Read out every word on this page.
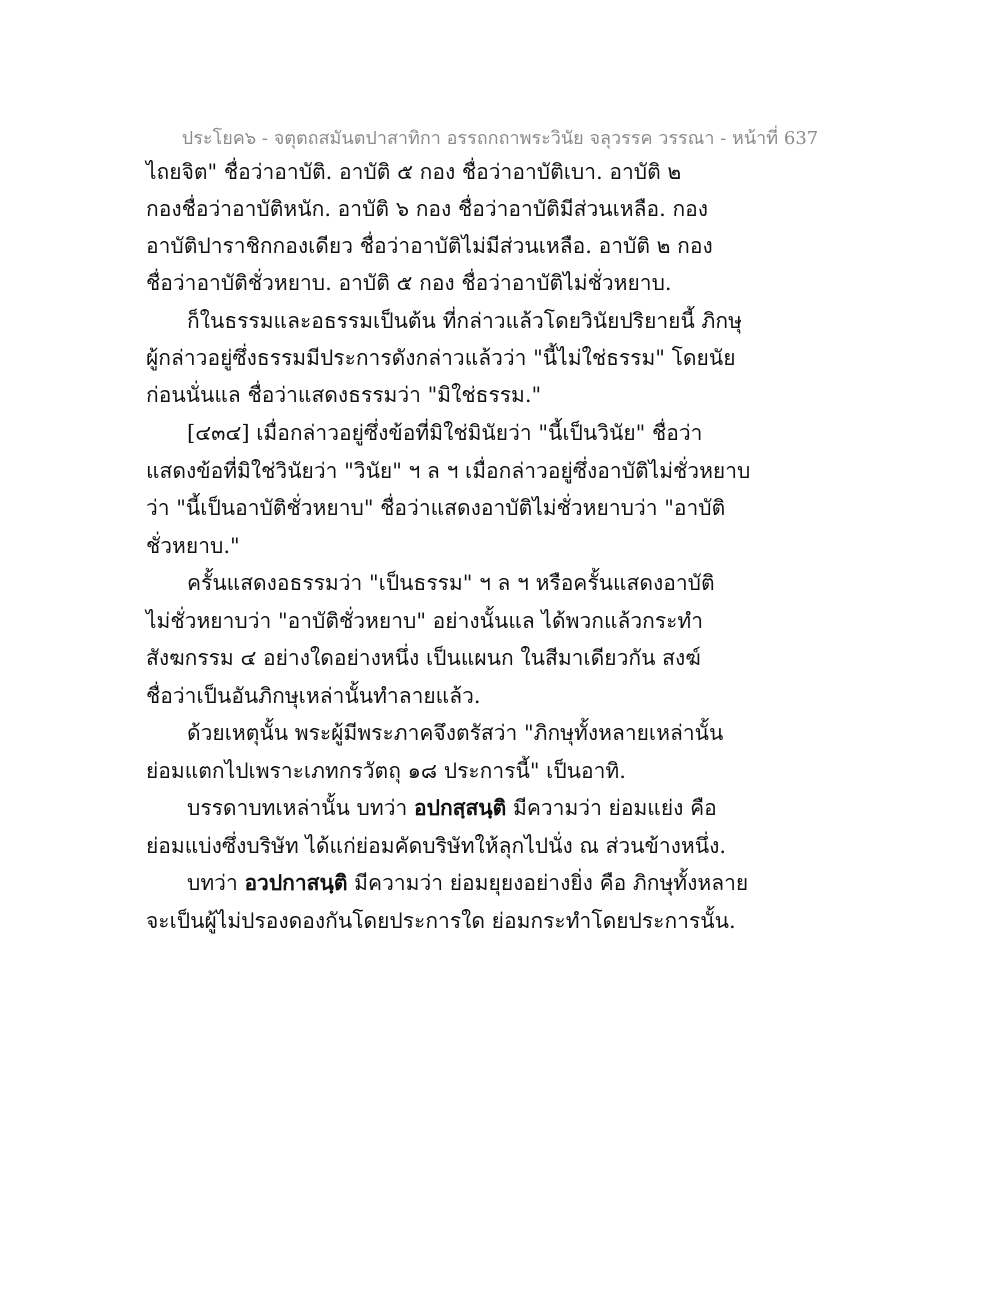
ประโยค๖ - จตุตถสมันตปาสาทิกา อรรถกถาพระวินัย จลุวรรค วรรณา - หน้าที่ 637
ไถยจิต" ชื่อว่าอาบัติ. อาบัติ ๕ กอง ชื่อว่าอาบัติเบา. อาบัติ ๒
กองชื่อว่าอาบัติหนัก. อาบัติ ๖ กอง ชื่อว่าอาบัติมีส่วนเหลือ. กอง
อาบัติปาราชิกกองเดียว ชื่อว่าอาบัติไม่มีส่วนเหลือ. อาบัติ ๒ กอง
ชื่อว่าอาบัติชั่วหยาบ. อาบัติ ๕ กอง ชื่อว่าอาบัติไม่ชั่วหยาบ.
ก็ในธรรมและอธรรมเป็นต้น ที่กล่าวแล้วโดยวินัยปริยายนี้ ภิกษุ
ผู้กล่าวอยู่ซึ่งธรรมมีประการดังกล่าวแล้วว่า "นี้ไม่ใช่ธรรม" โดยนัย
ก่อนนั่นแล ชื่อว่าแสดงธรรมว่า "มิใช่ธรรม."
[๔๓๔] เมื่อกล่าวอยู่ซึ่งข้อที่มิใช่มินัยว่า "นี้เป็นวินัย" ชื่อว่า
แสดงข้อที่มิใช่วินัยว่า "วินัย" ฯ ล ฯ เมื่อกล่าวอยู่ซึ่งอาบัติไม่ชั่วหยาบ
ว่า "นี้เป็นอาบัติชั่วหยาบ" ชื่อว่าแสดงอาบัติไม่ชั่วหยาบว่า "อาบัติ
ชั่วหยาบ."
ครั้นแสดงอธรรมว่า "เป็นธรรม" ฯ ล ฯ หรือครั้นแสดงอาบัติ
ไม่ชั่วหยาบว่า "อาบัติชั่วหยาบ" อย่างนั้นแล ได้พวกแล้วกระทำ
สังฆกรรม ๔ อย่างใดอย่างหนึ่ง เป็นแผนก ในสีมาเดียวกัน สงฆ์
ชื่อว่าเป็นอันภิกษุเหล่านั้นทำลายแล้ว.
ด้วยเหตุนั้น พระผู้มีพระภาคจึงตรัสว่า "ภิกษุทั้งหลายเหล่านั้น
ย่อมแตกไปเพราะเภทกรวัตถุ ๑๘ ประการนี้" เป็นอาทิ.
บรรดาบทเหล่านั้น บทว่า อปกสฺสนฺติ มีความว่า ย่อมแย่ง คือ
ย่อมแบ่งซึ่งบริษัท ได้แก่ย่อมคัดบริษัทให้ลุกไปนั่ง ณ ส่วนข้างหนึ่ง.
บทว่า อวปกาสนฺติ มีความว่า ย่อมยุยงอย่างยิ่ง คือ ภิกษุทั้งหลาย
จะเป็นผู้ไม่ปรองดองกันโดยประการใด ย่อมกระทำโดยประการนั้น.
